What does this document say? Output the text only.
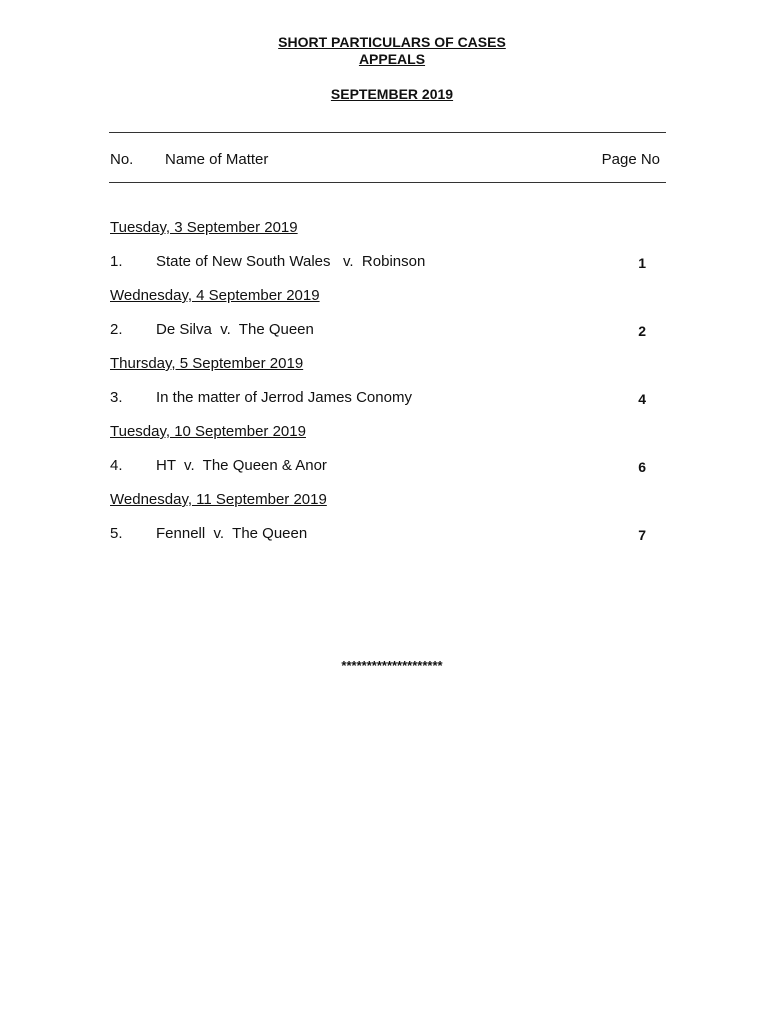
SHORT PARTICULARS OF CASES
APPEALS
SEPTEMBER 2019
No. Name of Matter	Page No
Tuesday, 3 September 2019
1. State of New South Wales   v.  Robinson	1
Wednesday, 4 September 2019
2. De Silva  v.  The Queen	2
Thursday, 5 September 2019
3. In the matter of Jerrod James Conomy	4
Tuesday, 10 September 2019
4. HT  v.  The Queen & Anor	6
Wednesday, 11 September 2019
5. Fennell  v.  The Queen	7
********************
